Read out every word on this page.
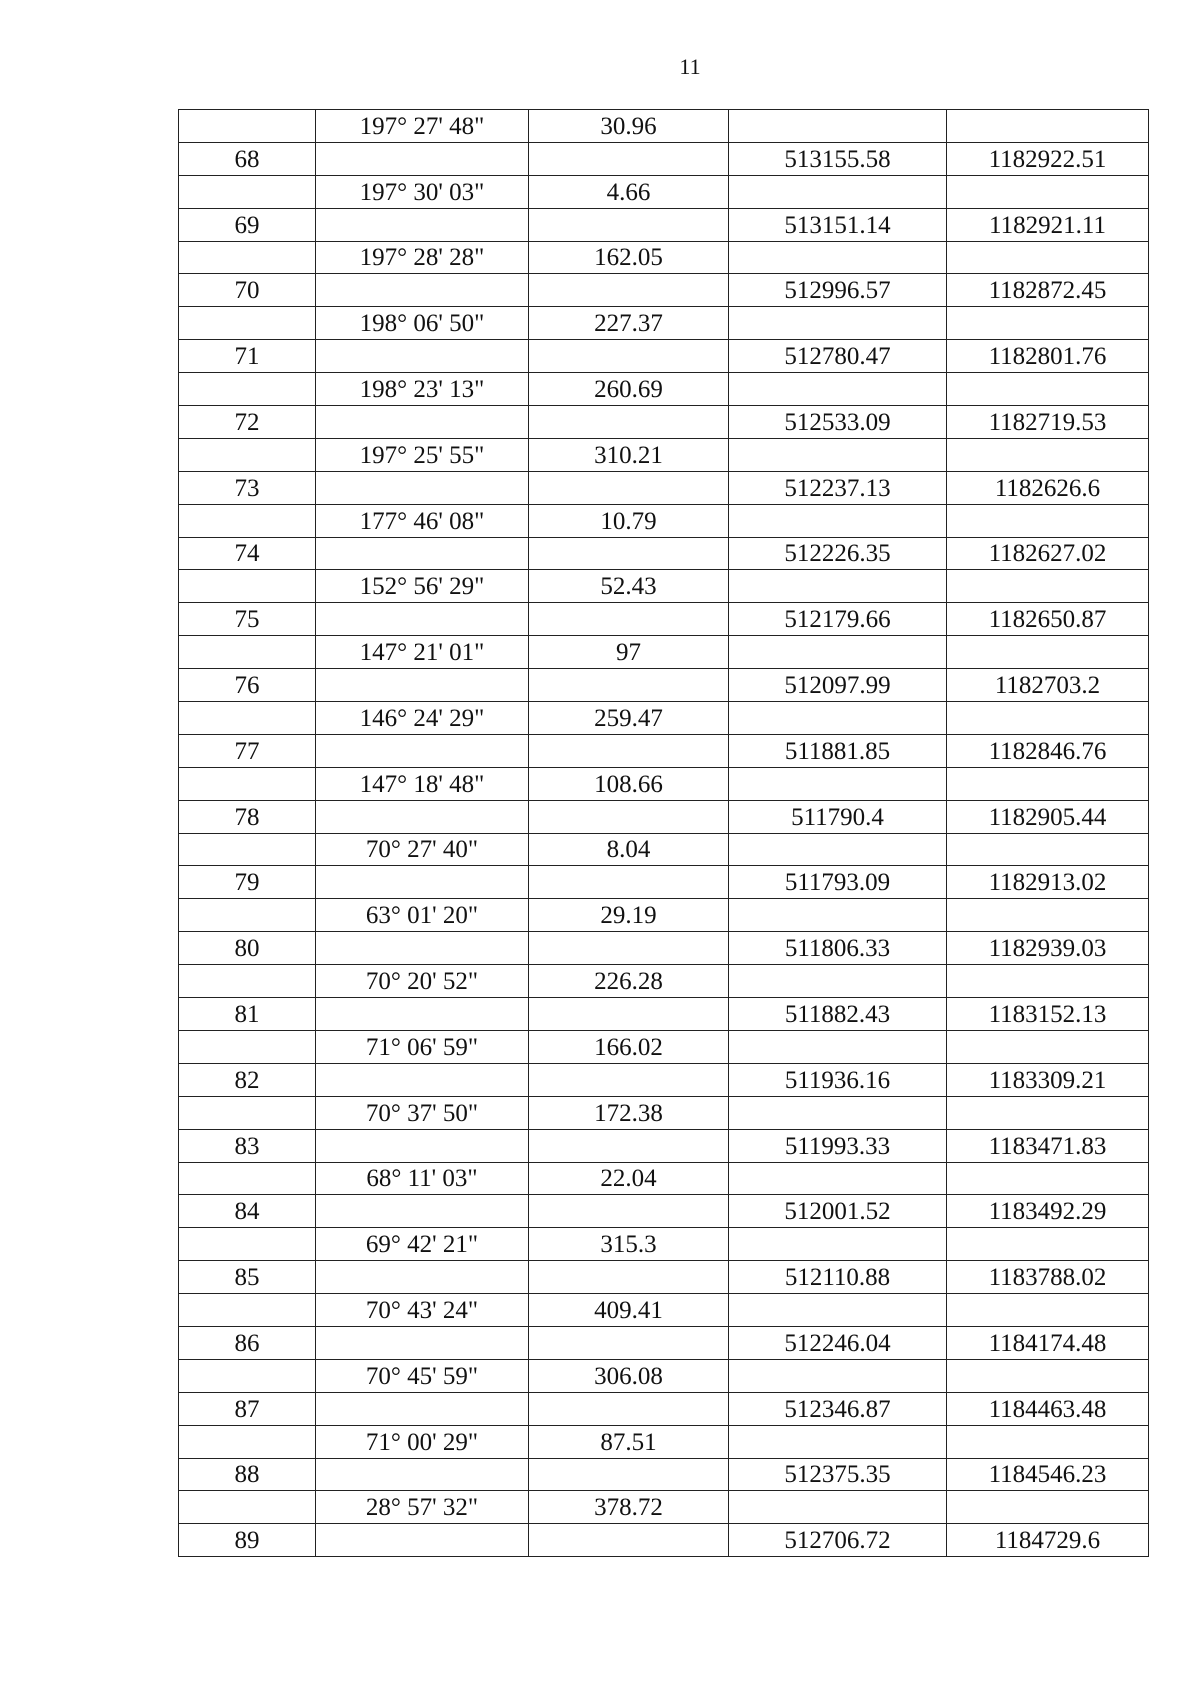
11
	197° 27' 48"	30.96		
68			513155.58	1182922.51
	197° 30' 03"	4.66		
69			513151.14	1182921.11
	197° 28' 28"	162.05		
70			512996.57	1182872.45
	198° 06' 50"	227.37		
71			512780.47	1182801.76
	198° 23' 13"	260.69		
72			512533.09	1182719.53
	197° 25' 55"	310.21		
73			512237.13	1182626.6
	177° 46' 08"	10.79		
74			512226.35	1182627.02
	152° 56' 29"	52.43		
75			512179.66	1182650.87
	147° 21' 01"	97		
76			512097.99	1182703.2
	146° 24' 29"	259.47		
77			511881.85	1182846.76
	147° 18' 48"	108.66		
78			511790.4	1182905.44
	70° 27' 40"	8.04		
79			511793.09	1182913.02
	63° 01' 20"	29.19		
80			511806.33	1182939.03
	70° 20' 52"	226.28		
81			511882.43	1183152.13
	71° 06' 59"	166.02		
82			511936.16	1183309.21
	70° 37' 50"	172.38		
83			511993.33	1183471.83
	68° 11' 03"	22.04		
84			512001.52	1183492.29
	69° 42' 21"	315.3		
85			512110.88	1183788.02
	70° 43' 24"	409.41		
86			512246.04	1184174.48
	70° 45' 59"	306.08		
87			512346.87	1184463.48
	71° 00' 29"	87.51		
88			512375.35	1184546.23
	28° 57' 32"	378.72		
89			512706.72	1184729.6
